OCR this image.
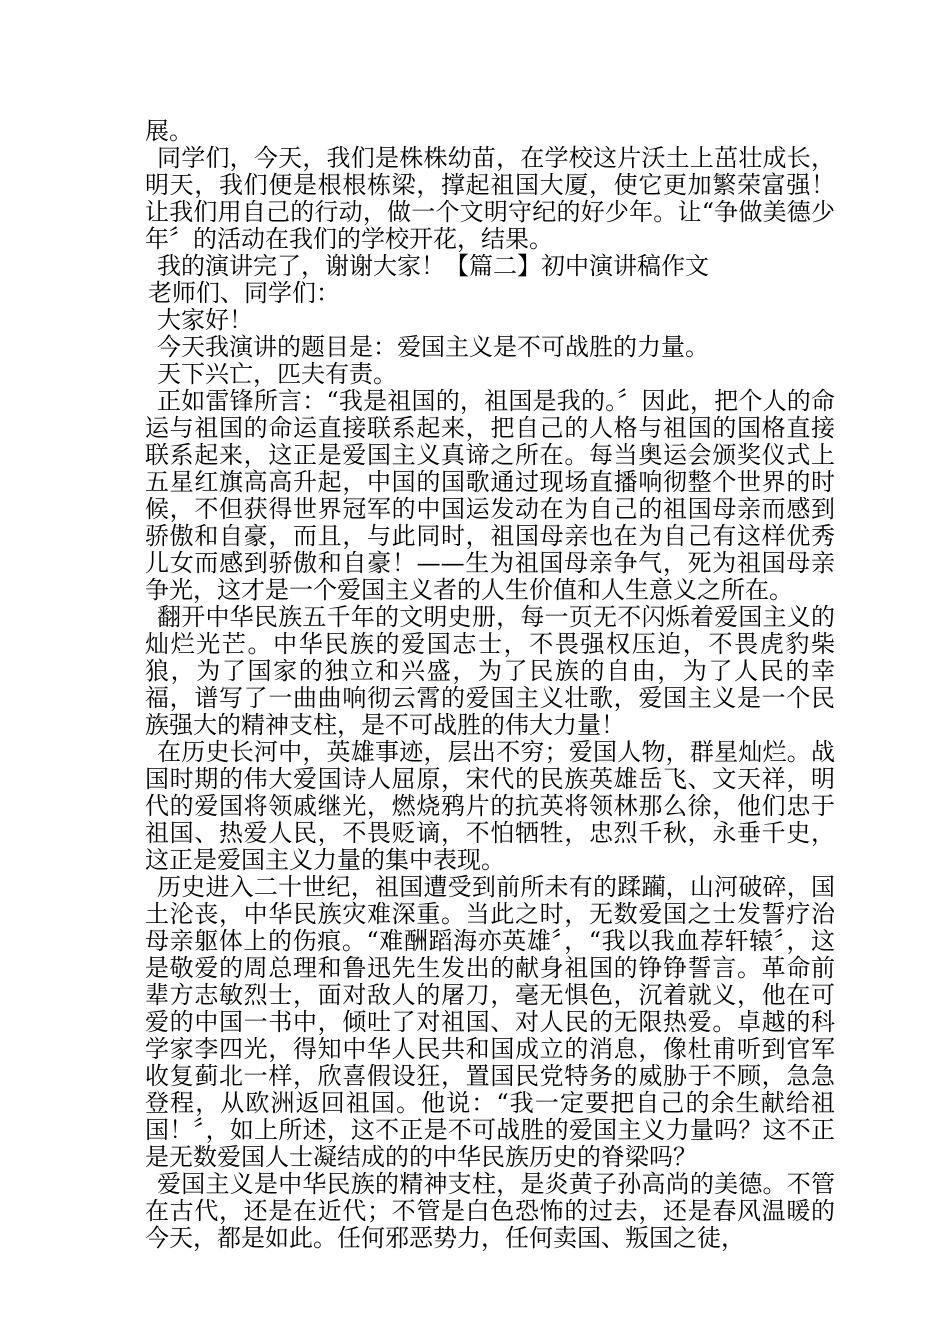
展。

同学们，今天，我们是株株幼苗，在学校这片沃土上茁壮成长，明天，我们便是根根栋梁，撑起祖国大厦，使它更加繁荣富强！让我们用自己的行动，做一个文明守纪的好少年。让“争做美德少年〞的活动在我们的学校开花，结果。

我的演讲完了，谢谢大家！【篇二】初中演讲稿作文

老师们、同学们：

大家好！

今天我演讲的题目是：爱国主义是不可战胜的力量。

天下兴亡，匹夫有责。

正如雷锋所言：“我是祖国的，祖国是我的。〞因此，把个人的命运与祖国的命运直接联系起来，把自己的人格与祖国的国格直接联系起来，这正是爱国主义真谛之所在。每当奥运会颁奖仪式上五星红旗高高升起，中国的国歌通过现场直播响彻整个世界的时候，不但获得世界冠军的中国运发动在为自己的祖国母亲而感到骄傲和自豪，而且，与此同时，祖国母亲也在为自己有这样优秀儿女而感到骄傲和自豪！——生为祖国母亲争气，死为祖国母亲争光，这才是一个爱国主义者的人生价值和人生意义之所在。

翻开中华民族五千年的文明史册，每一页无不闪烁着爱国主义的灿烂光芒。中华民族的爱国志士，不畏强权压迫，不畏虎豹柴狼，为了国家的独立和兴盛，为了民族的自由，为了人民的幸福，谱写了一曲曲响彻云霄的爱国主义壮歌，爱国主义是一个民族强大的精神支柱，是不可战胜的伟大力量！

在历史长河中，英雄事迹，层出不穷；爱国人物，群星灿烂。战国时期的伟大爱国诗人屈原，宋代的民族英雄岳飞、文天祥，明代的爱国将领戚继光，燃烧鸦片的抗英将领林那么徐，他们忠于祖国、热爱人民，不畏贬谪，不怕牺牲，忠烈千秋，永垂千史，这正是爱国主义力量的集中表现。

历史进入二十世纪，祖国遭受到前所未有的蹂躏，山河破碎，国土沦丧，中华民族灾难深重。当此之时，无数爱国之士发誓疗治母亲躯体上的伤痕。“难酬蹈海亦英雄〞，“我以我血荐轩辕〞，这是敬爱的周总理和鲁迅先生发出的献身祖国的铮铮誓言。革命前辈方志敏烈士，面对敌人的屠刀，毫无惧色，沉着就义，他在可爱的中国一书中，倾吐了对祖国、对人民的无限热爱。卓越的科学家李四光，得知中华人民共和国成立的消息，像杜甫听到官军收复蓟北一样，欣喜假设狂，置国民党特务的威胁于不顾，急急登程，从欧洲返回祖国。他说：“我一定要把自己的余生献给祖国！〞，如上所述，这不正是不可战胜的爱国主义力量吗？这不正是无数爱国人士凝结成的的中华民族历史的脊梁吗？

爱国主义是中华民族的精神支柱，是炎黄子孙高尚的美德。不管在古代，还是在近代；不管是白色恐怖的过去，还是春风温暖的今天，都是如此。任何邪恶势力，任何卖国、叛国之徒，
